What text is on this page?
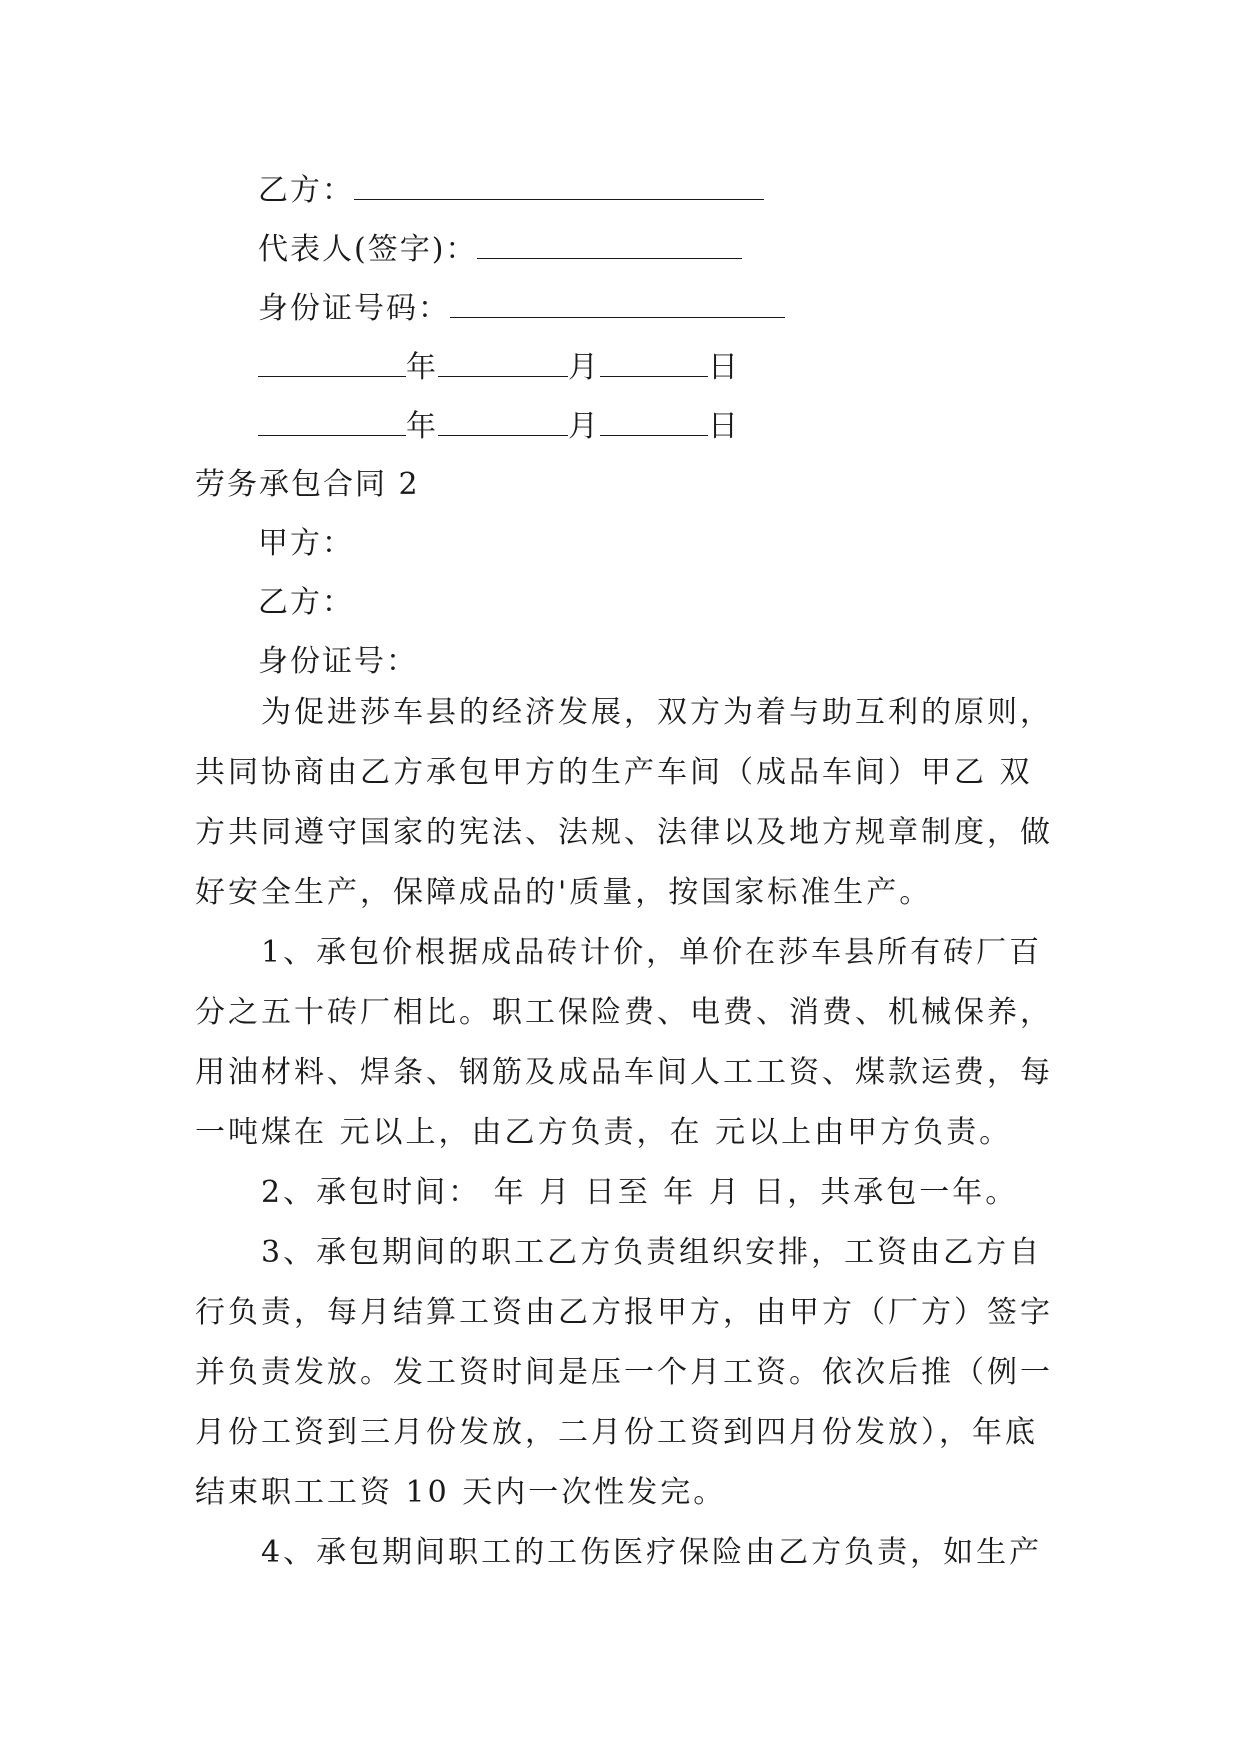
乙方：
代表人(签字)：
身份证号码：
年	月	日
年	月	日
劳务承包合同 2
甲方：
乙方：
身份证号：

为促进莎车县的经济发展，双方为着与助互利的原则，
共同协商由乙方承包甲方的生产车间（成品车间）甲乙 双
方共同遵守国家的宪法、法规、法律以及地方规章制度，做
好安全生产，保障成品的'质量，按国家标准生产。

1、承包价根据成品砖计价，单价在莎车县所有砖厂百
分之五十砖厂相比。职工保险费、电费、消费、机械保养，
用油材料、焊条、钢筋及成品车间人工工资、煤款运费，每
一吨煤在 元以上，由乙方负责，在 元以上由甲方负责。

2、承包时间： 年 月 日至 年 月 日，共承包一年。

3、承包期间的职工乙方负责组织安排，工资由乙方自
行负责，每月结算工资由乙方报甲方，由甲方（厂方）签字
并负责发放。发工资时间是压一个月工资。依次后推（例一
月份工资到三月份发放，二月份工资到四月份发放），年底
结束职工工资 10 天内一次性发完。

4、承包期间职工的工伤医疗保险由乙方负责，如生产
